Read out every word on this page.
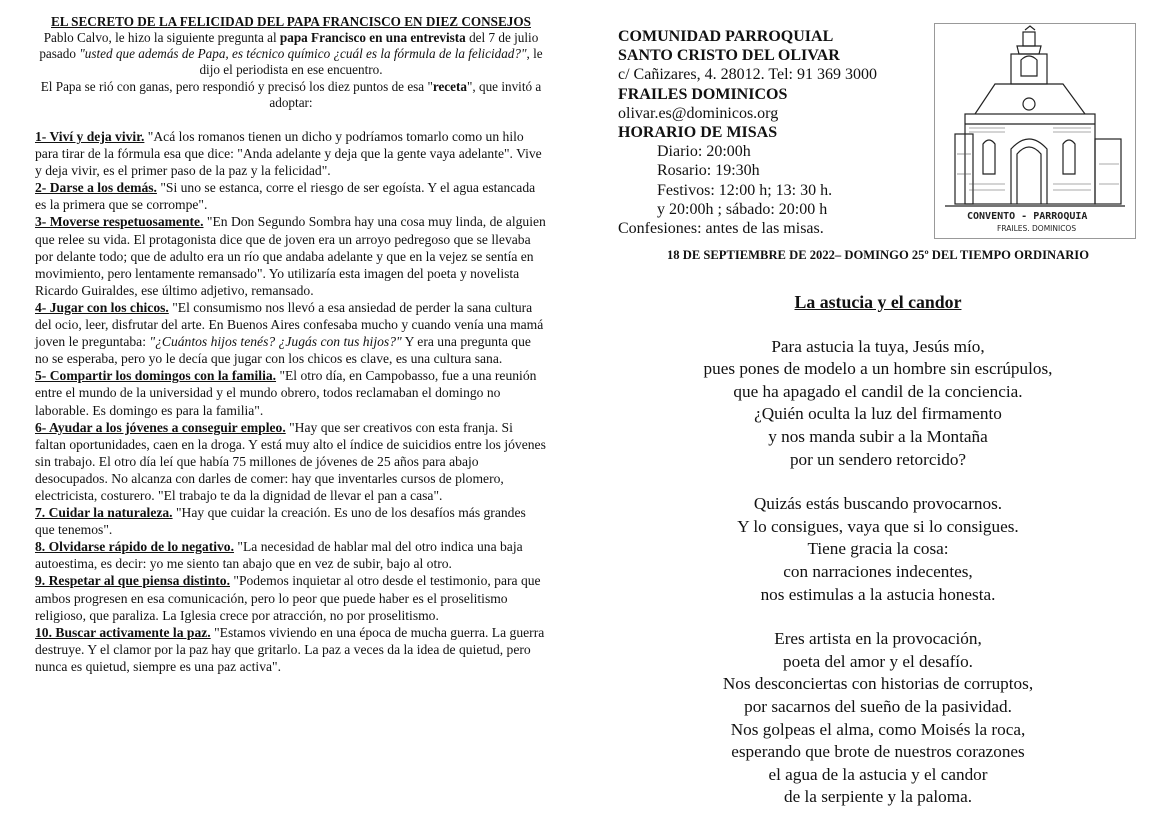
EL SECRETO DE LA FELICIDAD DEL PAPA FRANCISCO EN DIEZ CONSEJOS
Pablo Calvo, le hizo la siguiente pregunta al papa Francisco en una entrevista del 7 de julio pasado "usted que además de Papa, es técnico químico ¿cuál es la fórmula de la felicidad?", le dijo el periodista en ese encuentro.
El Papa se rió con ganas, pero respondió y precisó los diez puntos de esa "receta", que invitó a adoptar:
1- Viví y deja vivir. "Acá los romanos tienen un dicho y podríamos tomarlo como un hilo para tirar de la fórmula esa que dice: "Anda adelante y deja que la gente vaya adelante". Vive y deja vivir, es el primer paso de la paz y la felicidad".
2- Darse a los demás. "Si uno se estanca, corre el riesgo de ser egoísta. Y el agua estancada es la primera que se corrompe".
3- Moverse respetuosamente. "En Don Segundo Sombra hay una cosa muy linda, de alguien que relee su vida. El protagonista dice que de joven era un arroyo pedregoso que se llevaba por delante todo; que de adulto era un río que andaba adelante y que en la vejez se sentía en movimiento, pero lentamente remansado". Yo utilizaría esta imagen del poeta y novelista Ricardo Guiraldes, ese último adjetivo, remansado.
4- Jugar con los chicos. "El consumismo nos llevó a esa ansiedad de perder la sana cultura del ocio, leer, disfrutar del arte. En Buenos Aires confesaba mucho y cuando venía una mamá joven le preguntaba: "¿Cuántos hijos tenés? ¿Jugás con tus hijos?" Y era una pregunta que no se esperaba, pero yo le decía que jugar con los chicos es clave, es una cultura sana.
5- Compartir los domingos con la familia. "El otro día, en Campobasso, fue a una reunión entre el mundo de la universidad y el mundo obrero, todos reclamaban el domingo no laborable. Es domingo es para la familia".
6- Ayudar a los jóvenes a conseguir empleo. "Hay que ser creativos con esta franja. Si faltan oportunidades, caen en la droga. Y está muy alto el índice de suicidios entre los jóvenes sin trabajo. El otro día leí que había 75 millones de jóvenes de 25 años para abajo desocupados. No alcanza con darles de comer: hay que inventarles cursos de plomero, electricista, costurero. "El trabajo te da la dignidad de llevar el pan a casa".
7. Cuidar la naturaleza. "Hay que cuidar la creación. Es uno de los desafíos más grandes que tenemos".
8. Olvidarse rápido de lo negativo. "La necesidad de hablar mal del otro indica una baja autoestima, es decir: yo me siento tan abajo que en vez de subir, bajo al otro.
9. Respetar al que piensa distinto. "Podemos inquietar al otro desde el testimonio, para que ambos progresen en esa comunicación, pero lo peor que puede haber es el proselitismo religioso, que paraliza. La Iglesia crece por atracción, no por proselitismo.
10. Buscar activamente la paz. "Estamos viviendo en una época de mucha guerra. La guerra destruye. Y el clamor por la paz hay que gritarlo. La paz a veces da la idea de quietud, pero nunca es quietud, siempre es una paz activa".
COMUNIDAD PARROQUIAL
SANTO CRISTO DEL OLIVAR
c/ Cañizares, 4. 28012. Tel: 91 369 3000
FRAILES DOMINICOS
olivar.es@dominicos.org
HORARIO DE MISAS
Diario: 20:00h
Rosario: 19:30h
Festivos: 12:00 h; 13: 30 h.
y 20:00h ; sábado: 20:00 h
Confesiones: antes de las misas.
CONVENTO - PARROQUIA
FRAILES. DOMINICOS
18 DE SEPTIEMBRE DE 2022– DOMINGO 25º DEL TIEMPO ORDINARIO
La astucia y el candor
Para astucia la tuya, Jesús mío,
pues pones de modelo a un hombre sin escrúpulos,
que ha apagado el candil de la conciencia.
¿Quién oculta la luz del firmamento
y nos manda subir a la Montaña
por un sendero retorcido?
Quizás estás buscando provocarnos.
Y lo consigues, vaya que si lo consigues.
Tiene gracia la cosa:
con narraciones indecentes,
nos estimulas a la astucia honesta.
Eres artista en la provocación,
poeta del amor y el desafío.
Nos desconciertas con historias de corruptos,
por sacarnos del sueño de la pasividad.
Nos golpeas el alma, como Moisés la roca,
esperando que brote de nuestros corazones
el agua de la astucia y el candor
de la serpiente y la paloma.
